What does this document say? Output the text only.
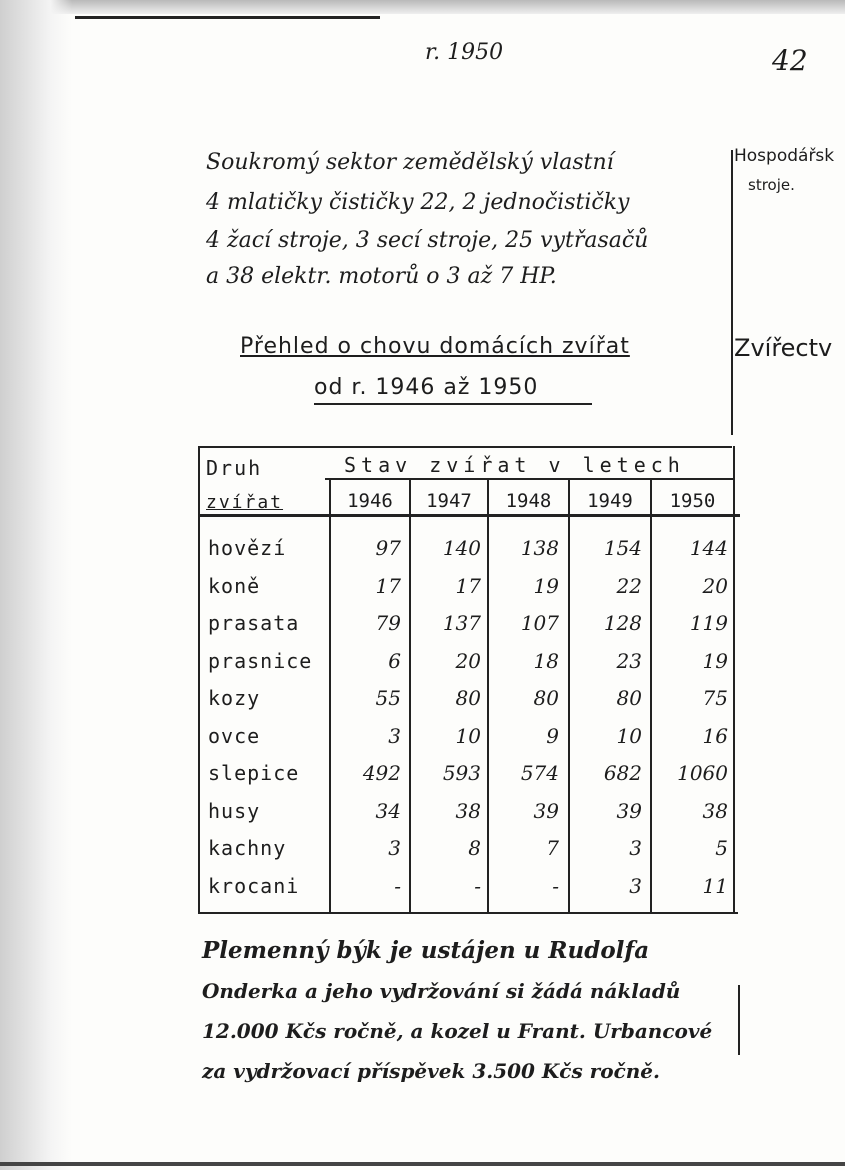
r. 1950	42
Hospodářsk
stroje.
Zvířectv
Soukromý sektor zemědělský vlastní
4 mlatičky čističky 22, 2 jednočističky
4 žací stroje, 3 secí stroje, 25 vytřasačů
a 38 elektr. motorů o 3 až 7 HP.
Přehled o chovu domácích zvířat
od r. 1946 až 1950
Druh
zvířat
Stav zvířat v letech
1946	1947	1948	1949	1950
hovězí	97	140	138	154	144
koně	17	17	19	22	20
prasata	79	137	107	128	119
prasnice	6	20	18	23	19
kozy	55	80	80	80	75
ovce	3	10	9	10	16
slepice	492	593	574	682	1060
husy	34	38	39	39	38
kachny	3	8	7	3	5
krocani	-	-	-	3	11
Plemenný býk je ustájen u Rudolfa
Onderka a jeho vydržování si žádá nákladů
12.000 Kčs ročně, a kozel u Frant. Urbancové
za vydržovací příspěvek 3.500 Kčs ročně.
